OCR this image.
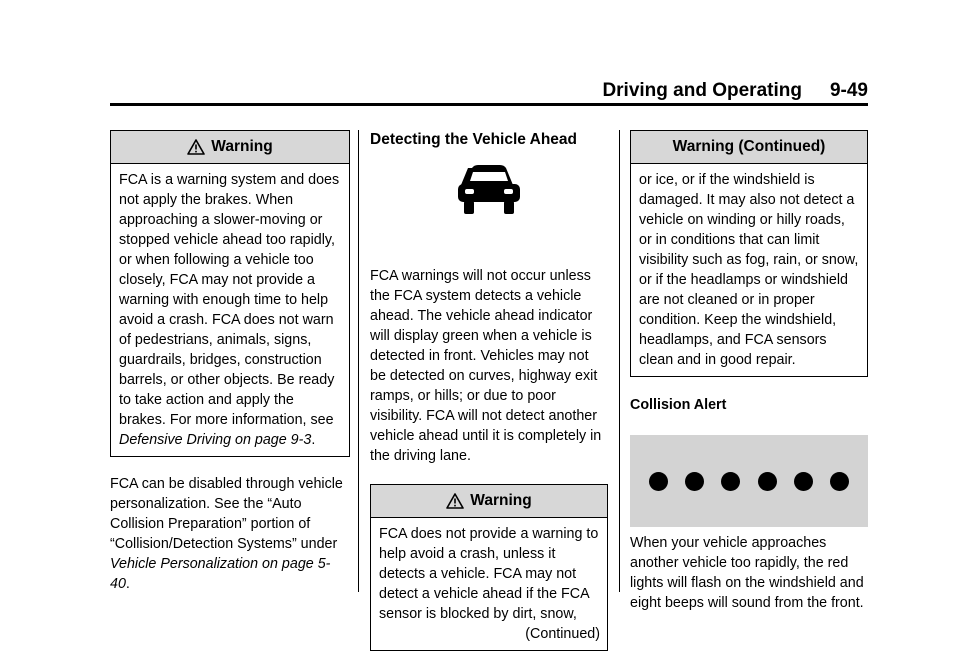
Driving and Operating 9-49
Warning

FCA is a warning system and does not apply the brakes. When approaching a slower-moving or stopped vehicle ahead too rapidly, or when following a vehicle too closely, FCA may not provide a warning with enough time to help avoid a crash. FCA does not warn of pedestrians, animals, signs, guardrails, bridges, construction barrels, or other objects. Be ready to take action and apply the brakes. For more information, see Defensive Driving on page 9-3.

FCA can be disabled through vehicle personalization. See the “Auto Collision Preparation” portion of “Collision/Detection Systems” under Vehicle Personalization on page 5-40.

Detecting the Vehicle Ahead

FCA warnings will not occur unless the FCA system detects a vehicle ahead. The vehicle ahead indicator will display green when a vehicle is detected in front. Vehicles may not be detected on curves, highway exit ramps, or hills; or due to poor visibility. FCA will not detect another vehicle ahead until it is completely in the driving lane.

Warning

FCA does not provide a warning to help avoid a crash, unless it detects a vehicle. FCA may not detect a vehicle ahead if the FCA sensor is blocked by dirt, snow,

(Continued)

Warning (Continued)

or ice, or if the windshield is damaged. It may also not detect a vehicle on winding or hilly roads, or in conditions that can limit visibility such as fog, rain, or snow, or if the headlamps or windshield are not cleaned or in proper condition. Keep the windshield, headlamps, and FCA sensors clean and in good repair.

Collision Alert

When your vehicle approaches another vehicle too rapidly, the red lights will flash on the windshield and eight beeps will sound from the front.
